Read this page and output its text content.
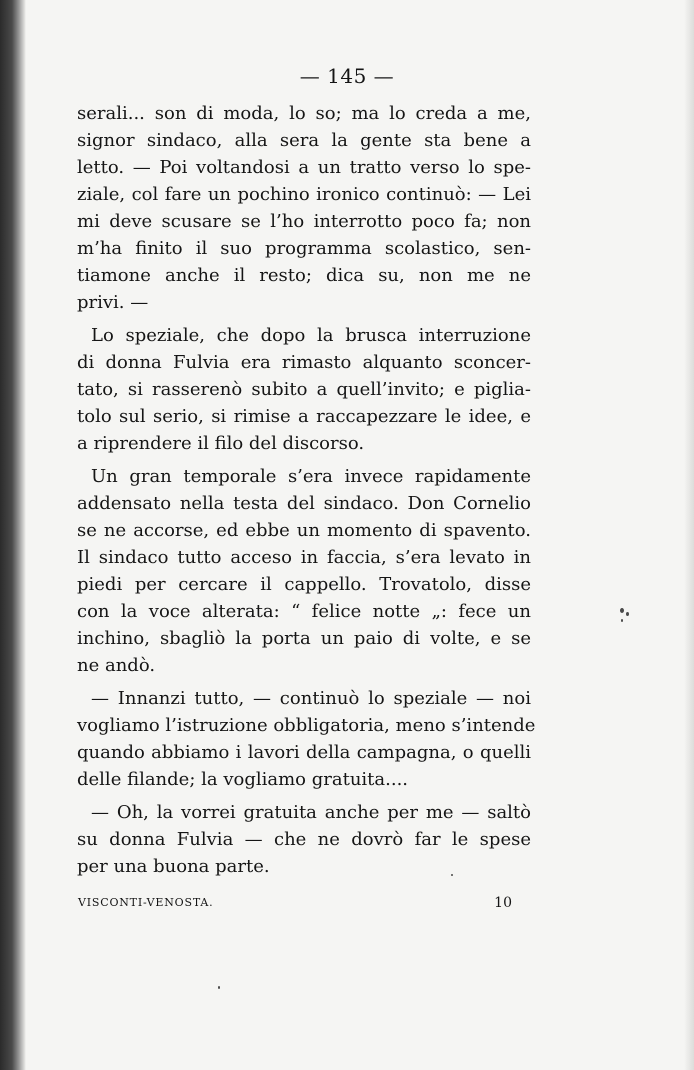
— 145 —
serali... son di moda, lo so; ma lo creda a me,
signor sindaco, alla sera la gente sta bene a
letto. — Poi voltandosi a un tratto verso lo spe-
ziale, col fare un pochino ironico continuò: — Lei
mi deve scusare se l’ho interrotto poco fa; non
m’ha finito il suo programma scolastico, sen-
tiamone anche il resto; dica su, non me ne
privi. —
Lo speziale, che dopo la brusca interruzione
di donna Fulvia era rimasto alquanto sconcer-
tato, si rasserenò subito a quell’invito; e piglia-
tolo sul serio, si rimise a raccapezzare le idee, e
a riprendere il filo del discorso.
Un gran temporale s’era invece rapidamente
addensato nella testa del sindaco. Don Cornelio
se ne accorse, ed ebbe un momento di spavento.
Il sindaco tutto acceso in faccia, s’era levato in
piedi per cercare il cappello. Trovatolo, disse
con la voce alterata: “ felice notte „: fece un
inchino, sbagliò la porta un paio di volte, e se
ne andò.
— Innanzi tutto, — continuò lo speziale — noi
vogliamo l’istruzione obbligatoria, meno s’intende
quando abbiamo i lavori della campagna, o quelli
delle filande; la vogliamo gratuita....
— Oh, la vorrei gratuita anche per me — saltò
su donna Fulvia — che ne dovrò far le spese
per una buona parte.
VISCONTI-VENOSTA.	10
